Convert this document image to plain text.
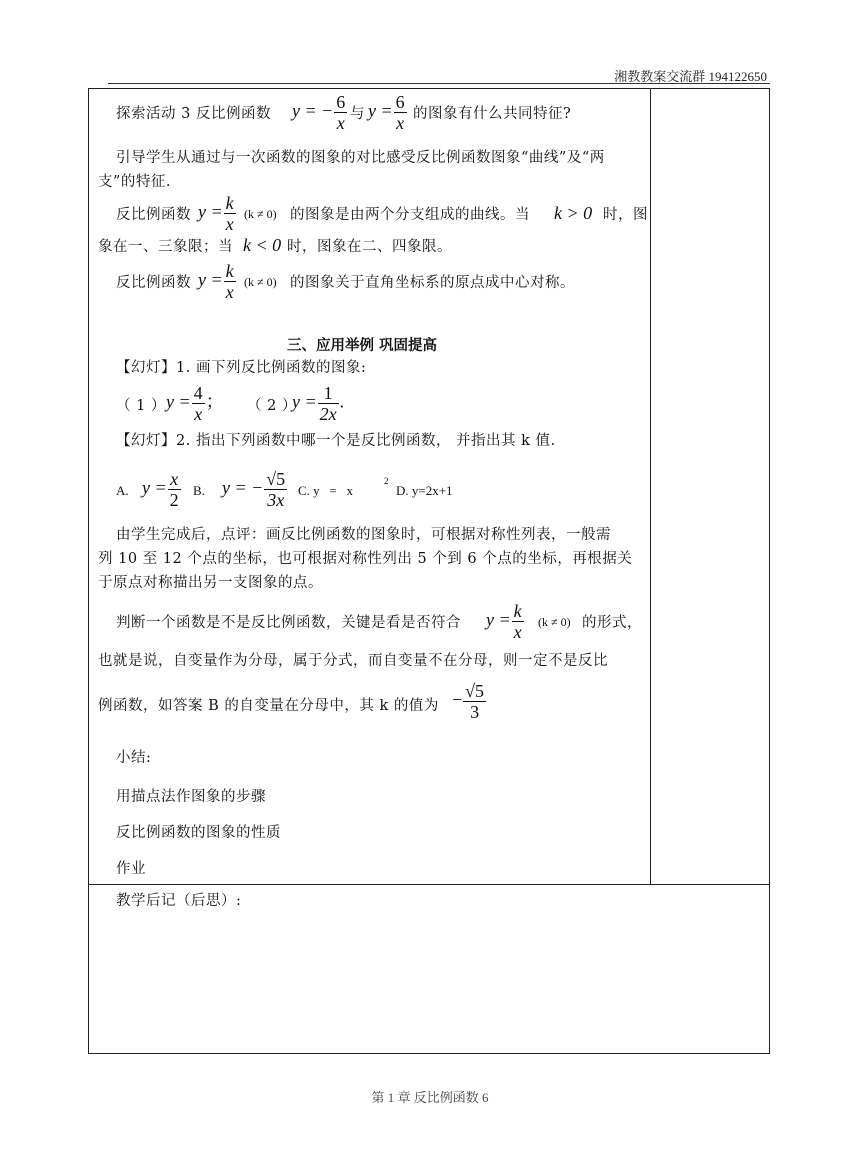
湘教教案交流群 194122650
探索活动 3 反比例函数 y = − $\frac{6}{x}$ 与 $y = \frac{6}{x}$ 的图象有什么共同特征?
引导学生从通过与一次函数的图象的对比感受反比例函数图象“曲线”及“两
支”的特征.
反比例函数 $y = \frac{k}{x} (k \ne 0)$ 的图象是由两个分支组成的曲线。当 k > 0 时，图
象在一、三象限；当 k < 0 时，图象在二、四象限。
反比例函数 $y = \frac{k}{x} (k \ne 0)$ 的图象关于直角坐标系的原点成中心对称。
三、应用举例 巩固提高
【幻灯】1. 画下列反比例函数的图象:
（ 1 ） $y = \frac{4}{x}$ ； （ 2 ）
$y = \frac{1}{2x}$ .
【幻灯】2. 指出下列函数中哪一个是反比例函数， 并指出其 k 值.
A. $y = \frac{x}{2} B$. y = − $\frac{√5}{3x} C$. y   =   x
2
D. y=2x+1
由学生完成后，点评：画反比例函数的图象时，可根据对称性列表，一般需
列 10 至 12 个点的坐标，也可根据对称性列出 5 个到 6 个点的坐标，再根据关
于原点对称描出另一支图象的点。
判断一个函数是不是反比例函数，关键是看是否符合 $y = \frac{k}{x} (k \ne 0)$ 的形式，
也就是说，自变量作为分母，属于分式，而自变量不在分母，则一定不是反比
例函数，如答案 B 的自变量在分母中，其 k 的值为 − $\frac{√5}{3}$
小结:
用描点法作图象的步骤
反比例函数的图象的性质
作业
教学后记（后思）:
第 1 章 反比例函数 6
